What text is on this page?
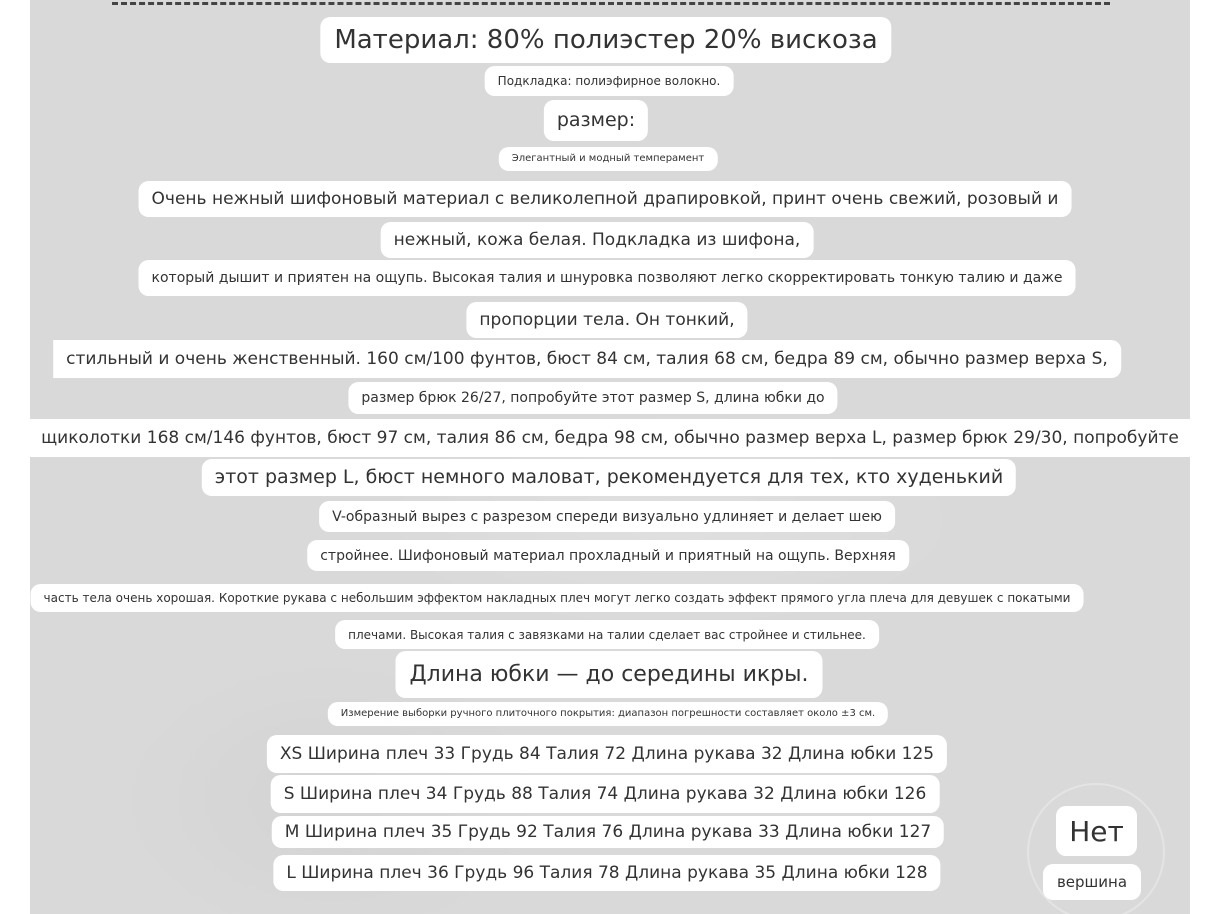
Материал: 80% полиэстер 20% вискоза
Подкладка: полиэфирное волокно.
размер:
Элегантный и модный темперамент
Очень нежный шифоновый материал с великолепной драпировкой, принт очень свежий, розовый и
нежный, кожа белая. Подкладка из шифона,
который дышит и приятен на ощупь. Высокая талия и шнуровка позволяют легко скорректировать тонкую талию и даже
пропорции тела. Он тонкий,
стильный и очень женственный. 160 см/100 фунтов, бюст 84 см, талия 68 см, бедра 89 см, обычно размер верха S,
размер брюк 26/27, попробуйте этот размер S, длина юбки до
щиколотки 168 см/146 фунтов, бюст 97 см, талия 86 см, бедра 98 см, обычно размер верха L, размер брюк 29/30, попробуйте
этот размер L, бюст немного маловат, рекомендуется для тех, кто худенький
V-образный вырез с разрезом спереди визуально удлиняет и делает шею
стройнее. Шифоновый материал прохладный и приятный на ощупь. Верхняя
часть тела очень хорошая. Короткие рукава с небольшим эффектом накладных плеч могут легко создать эффект прямого угла плеча для девушек с покатыми
плечами. Высокая талия с завязками на талии сделает вас стройнее и стильнее.
Длина юбки — до середины икры.
Измерение выборки ручного плиточного покрытия: диапазон погрешности составляет около ±3 см.
XS Ширина плеч 33 Грудь 84 Талия 72 Длина рукава 32 Длина юбки 125
S Ширина плеч 34 Грудь 88 Талия 74 Длина рукава 32 Длина юбки 126
M Ширина плеч 35 Грудь 92 Талия 76 Длина рукава 33 Длина юбки 127
L Ширина плеч 36 Грудь 96 Талия 78 Длина рукава 35 Длина юбки 128
Нет
вершина
